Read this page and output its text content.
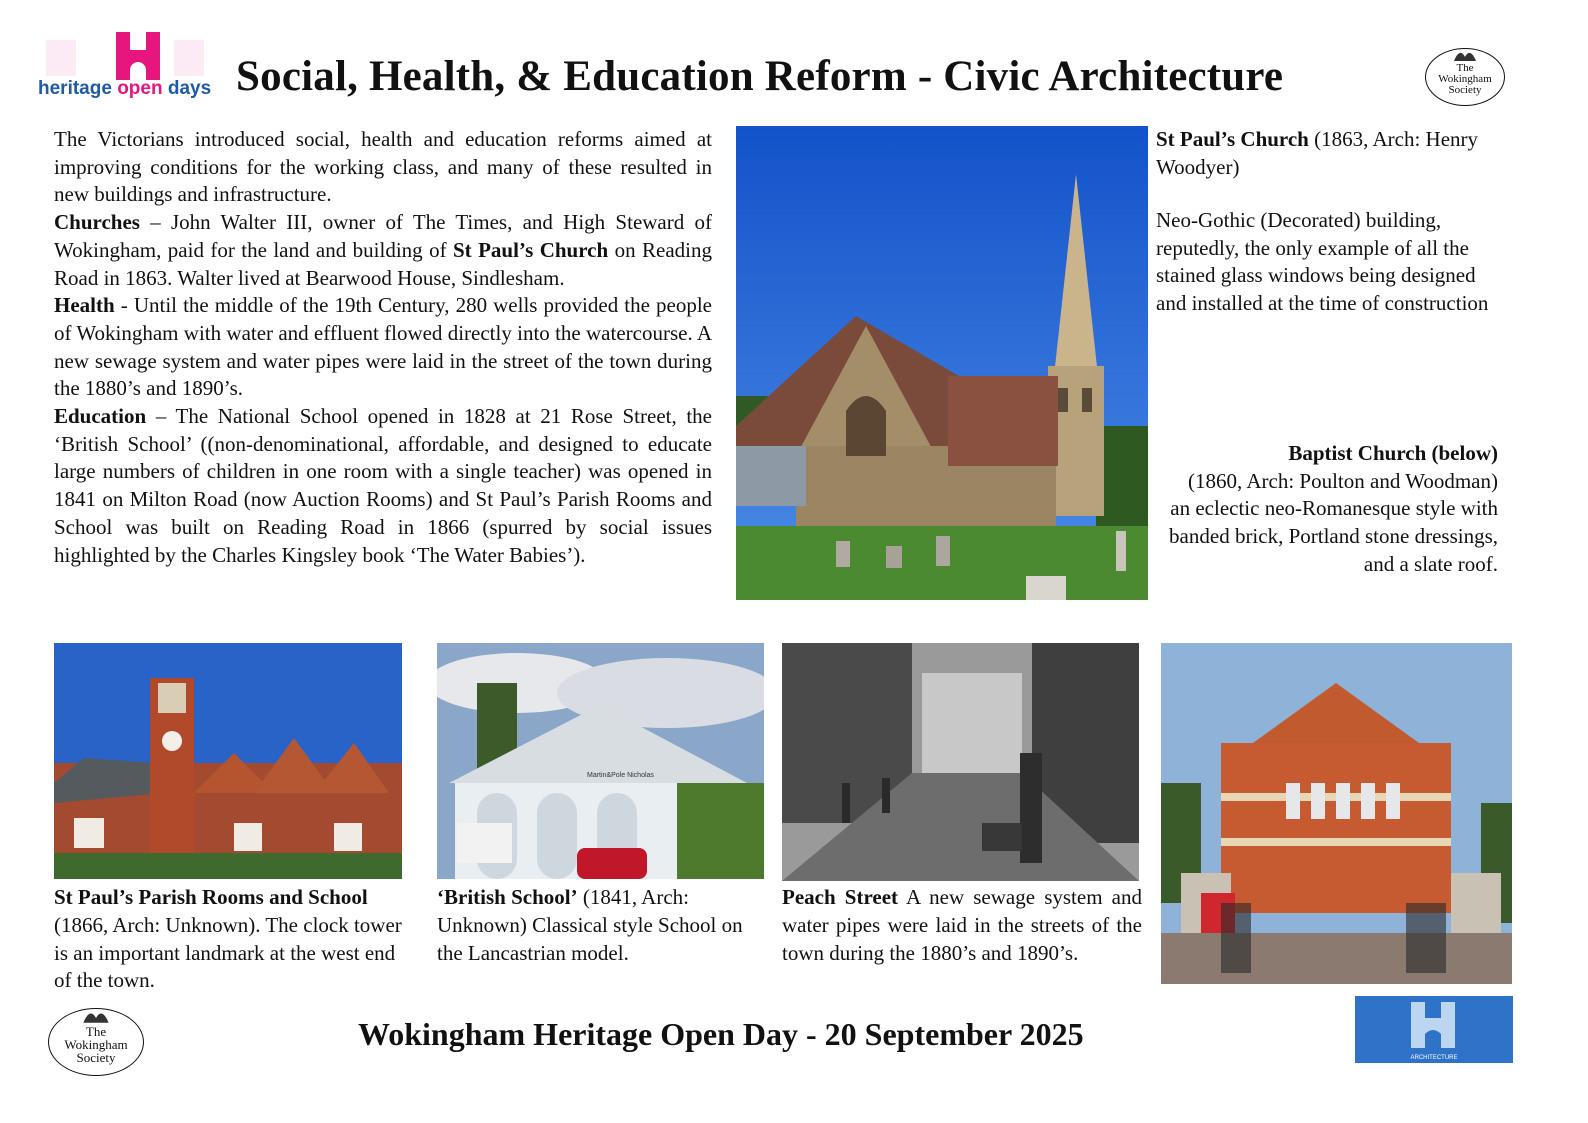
heritage open days Social, Health, & Education Reform - Civic Architecture	The
Wokingham
Society

The Victorians introduced social, health and education reforms aimed at improving conditions for the working class, and many of these resulted in new buildings and infrastructure.

Churches – John Walter III, owner of The Times, and High Steward of Wokingham, paid for the land and building of St Paul’s Church on Reading Road in 1863. Walter lived at Bearwood House, Sindlesham.

Health - Until the middle of the 19th Century, 280 wells provided the people of Wokingham with water and effluent flowed directly into the watercourse. A new sewage system and water pipes were laid in the street of the town during the 1880’s and 1890’s.

Education – The National School opened in 1828 at 21 Rose Street, the ‘British School’ ((non-denominational, affordable, and designed to educate large numbers of children in one room with a single teacher) was opened in 1841 on Milton Road (now Auction Rooms) and St Paul’s Parish Rooms and School was built on Reading Road in 1866 (spurred by social issues highlighted by the Charles Kingsley book ‘The Water Babies’).

St Paul’s Church (1863, Arch: Henry Woodyer)

Neo-Gothic (Decorated) building, reputedly, the only example of all the stained glass windows being designed and installed at the time of construction

Baptist Church (below)
(1860, Arch: Poulton and Woodman)
an eclectic neo-Romanesque style with banded brick, Portland stone dressings, and a slate roof.
Martin&Pole Nicholas
St Paul’s Parish Rooms and School (1866, Arch: Unknown). The clock tower is an important landmark at the west end of the town.
‘British School’ (1841, Arch: Unknown) Classical style School on the Lancastrian model.
Peach Street A new sewage system and water pipes were laid in the streets of the town during the 1880’s and 1890’s.
The
Wokingham
Society
Wokingham Heritage Open Day - 20 September 2025
ARCHITECTURE
